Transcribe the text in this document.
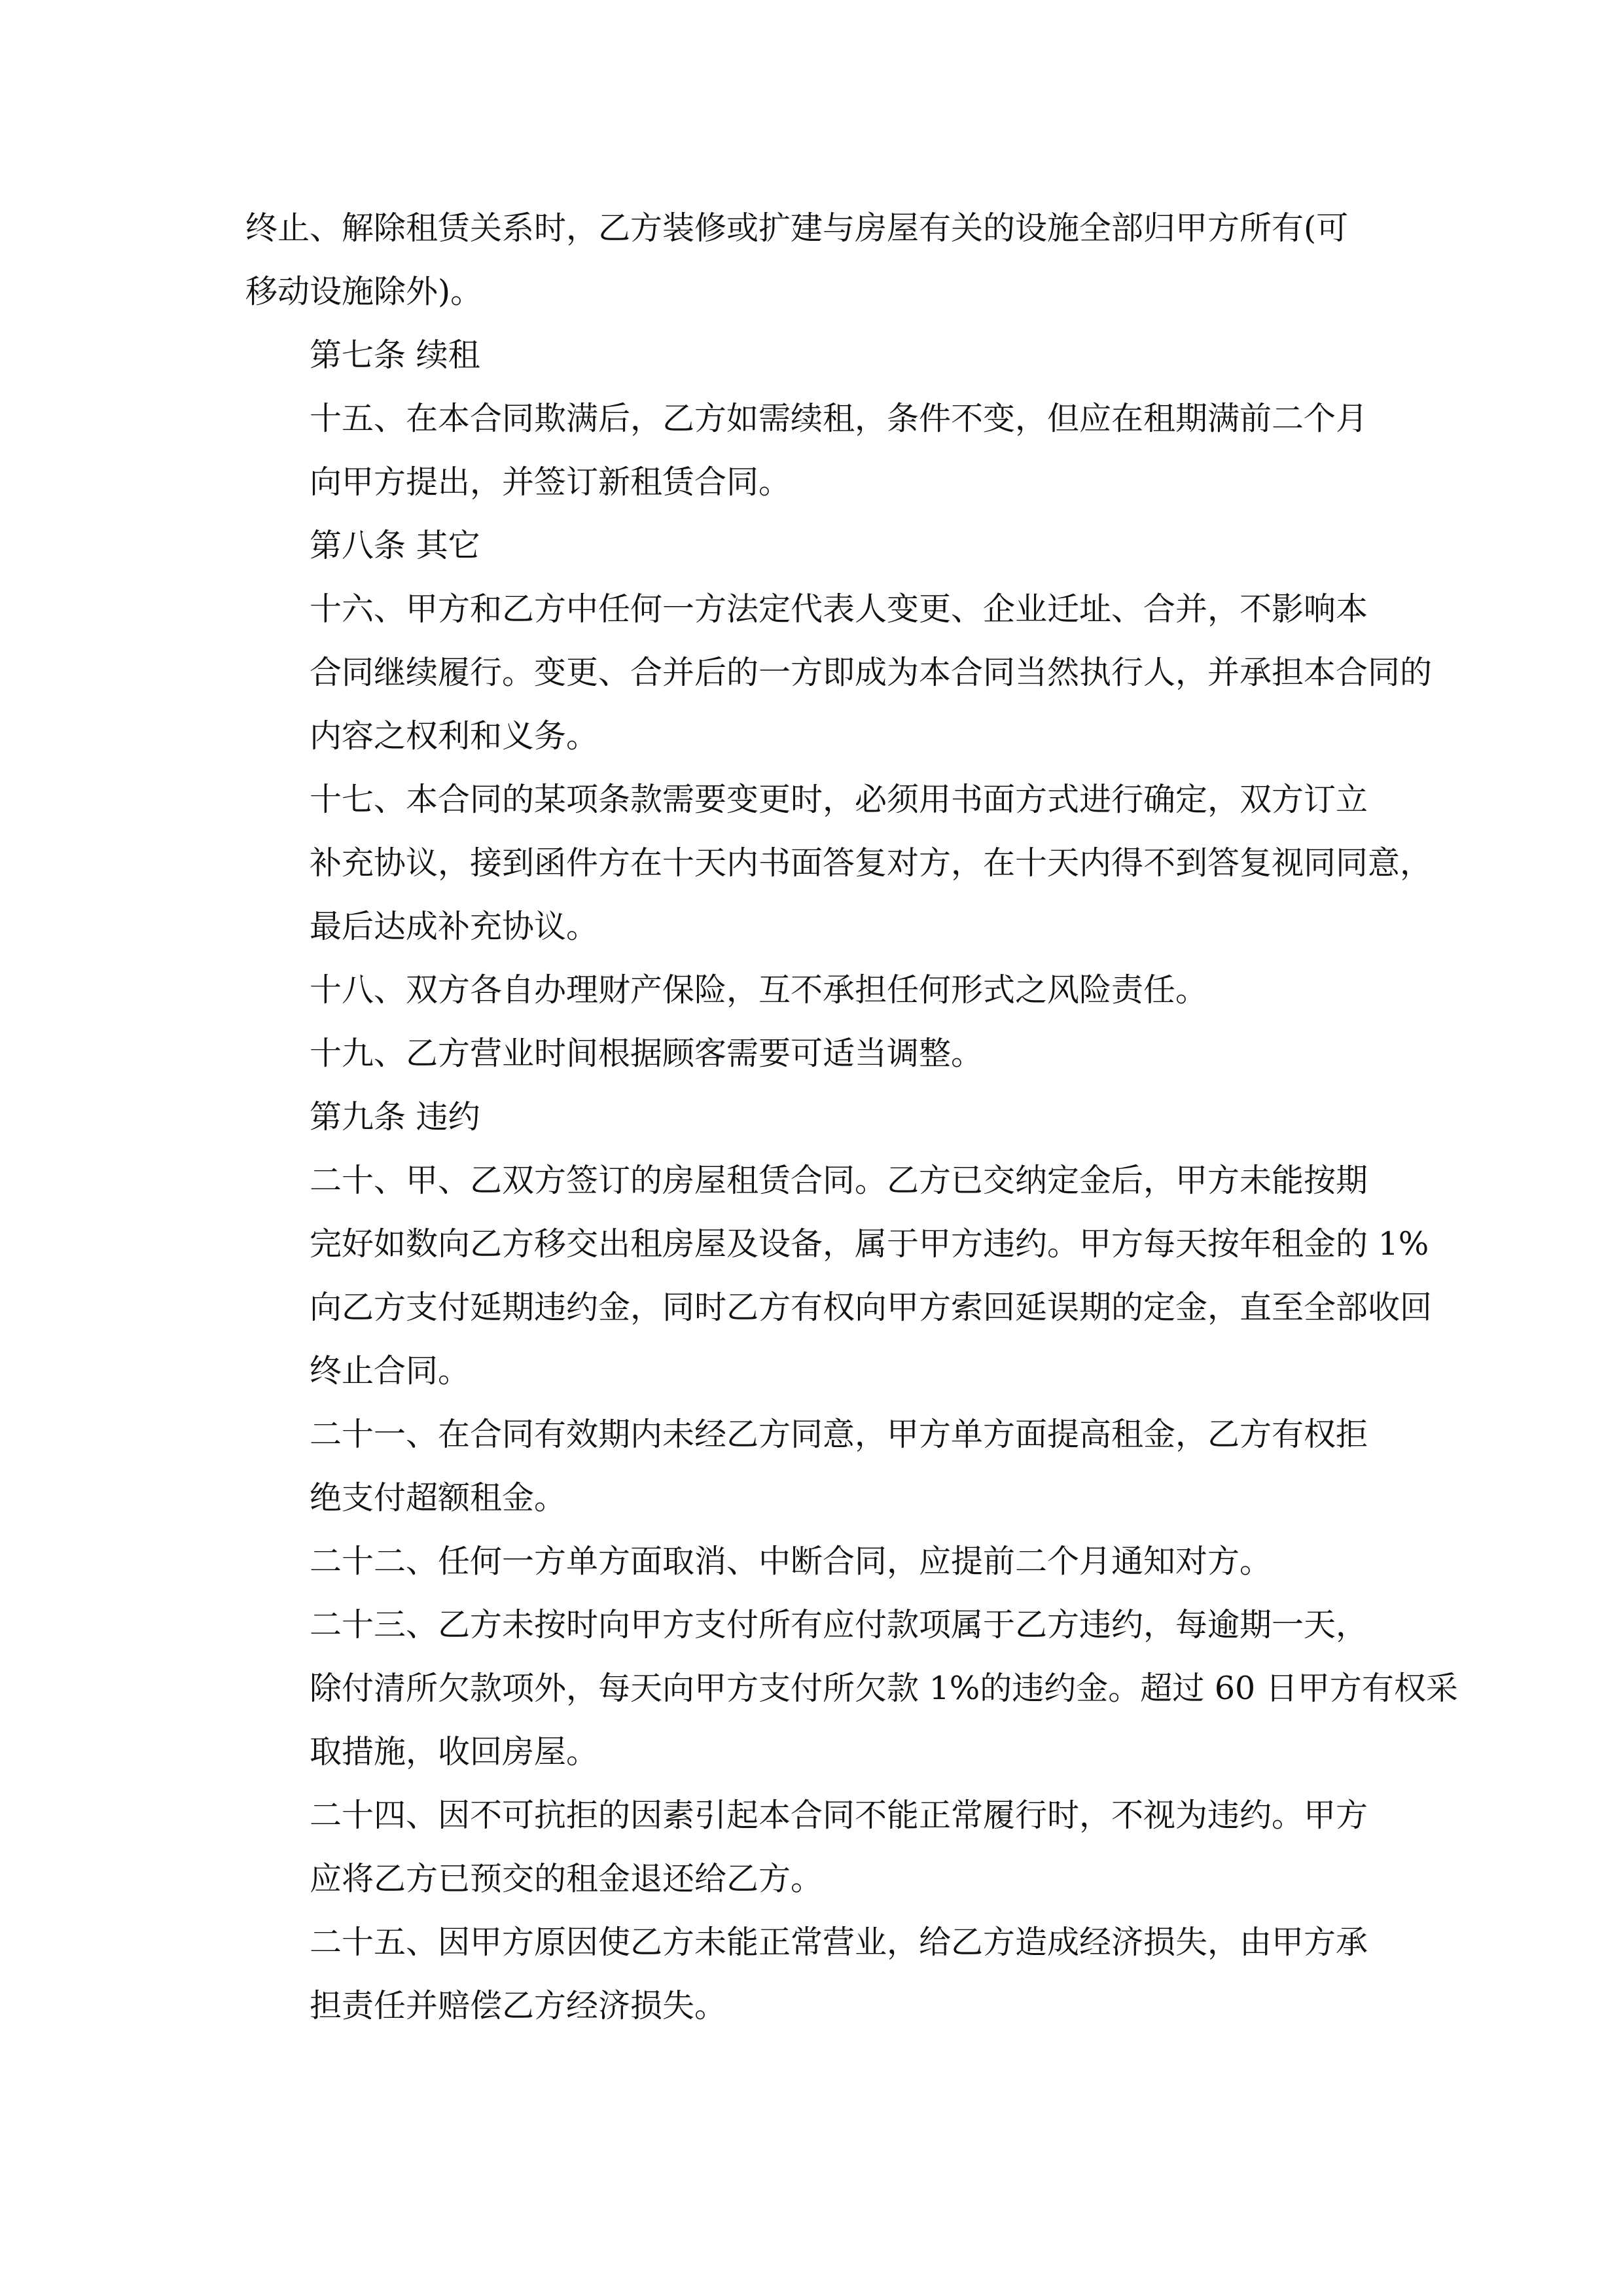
终止、解除租赁关系时，乙方装修或扩建与房屋有关的设施全部归甲方所有(可
移动设施除外)。

第七条 续租

十五、在本合同欺满后，乙方如需续租，条件不变，但应在租期满前二个月
向甲方提出，并签订新租赁合同。

第八条 其它

十六、甲方和乙方中任何一方法定代表人变更、企业迁址、合并，不影响本
合同继续履行。变更、合并后的一方即成为本合同当然执行人，并承担本合同的
内容之权利和义务。

十七、本合同的某项条款需要变更时，必须用书面方式进行确定，双方订立
补充协议，接到函件方在十天内书面答复对方，在十天内得不到答复视同同意，
最后达成补充协议。

十八、双方各自办理财产保险，互不承担任何形式之风险责任。

十九、乙方营业时间根据顾客需要可适当调整。

第九条 违约

二十、甲、乙双方签订的房屋租赁合同。乙方已交纳定金后，甲方未能按期
完好如数向乙方移交出租房屋及设备，属于甲方违约。甲方每天按年租金的 1%
向乙方支付延期违约金，同时乙方有权向甲方索回延误期的定金，直至全部收回
终止合同。

二十一、在合同有效期内未经乙方同意，甲方单方面提高租金，乙方有权拒
绝支付超额租金。

二十二、任何一方单方面取消、中断合同，应提前二个月通知对方。

二十三、乙方未按时向甲方支付所有应付款项属于乙方违约，每逾期一天，
除付清所欠款项外，每天向甲方支付所欠款 1%的违约金。超过 60 日甲方有权采
取措施，收回房屋。

二十四、因不可抗拒的因素引起本合同不能正常履行时，不视为违约。甲方
应将乙方已预交的租金退还给乙方。

二十五、因甲方原因使乙方未能正常营业，给乙方造成经济损失，由甲方承
担责任并赔偿乙方经济损失。
